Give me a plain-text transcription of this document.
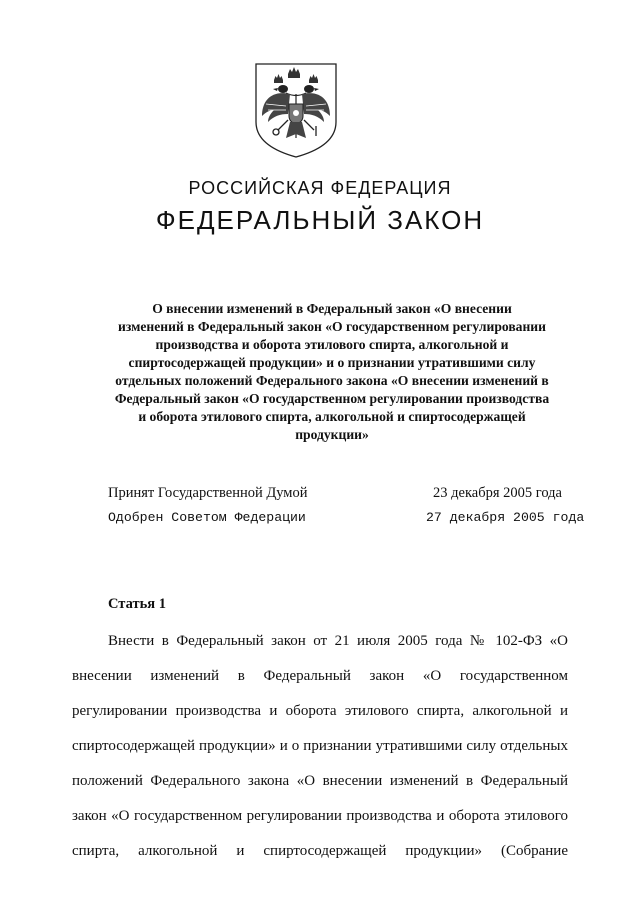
РОССИЙСКАЯ ФЕДЕРАЦИЯ
ФЕДЕРАЛЬНЫЙ ЗАКОН
О внесении изменений в Федеральный закон «О внесении
изменений в Федеральный закон «О государственном регулировании
производства и оборота этилового спирта, алкогольной и
спиртосодержащей продукции» и о признании утратившими силу
отдельных положений Федерального закона «О внесении изменений в
Федеральный закон «О государственном регулировании производства
и оборота этилового спирта, алкогольной и спиртосодержащей
продукции»
Принят Государственной Думой	23 декабря 2005 года
Одобрен Советом Федерации	27 декабря 2005 года
Статья 1
Внести в Федеральный закон от 21 июля 2005 года № 102-ФЗ «О
внесении изменений в Федеральный закон «О государственном
регулировании производства и оборота этилового спирта, алкогольной и
спиртосодержащей продукции» и о признании утратившими силу отдельных
положений Федерального закона «О внесении изменений в Федеральный
закон «О государственном регулировании производства и оборота этилового
спирта, алкогольной и спиртосодержащей продукции» (Собрание
